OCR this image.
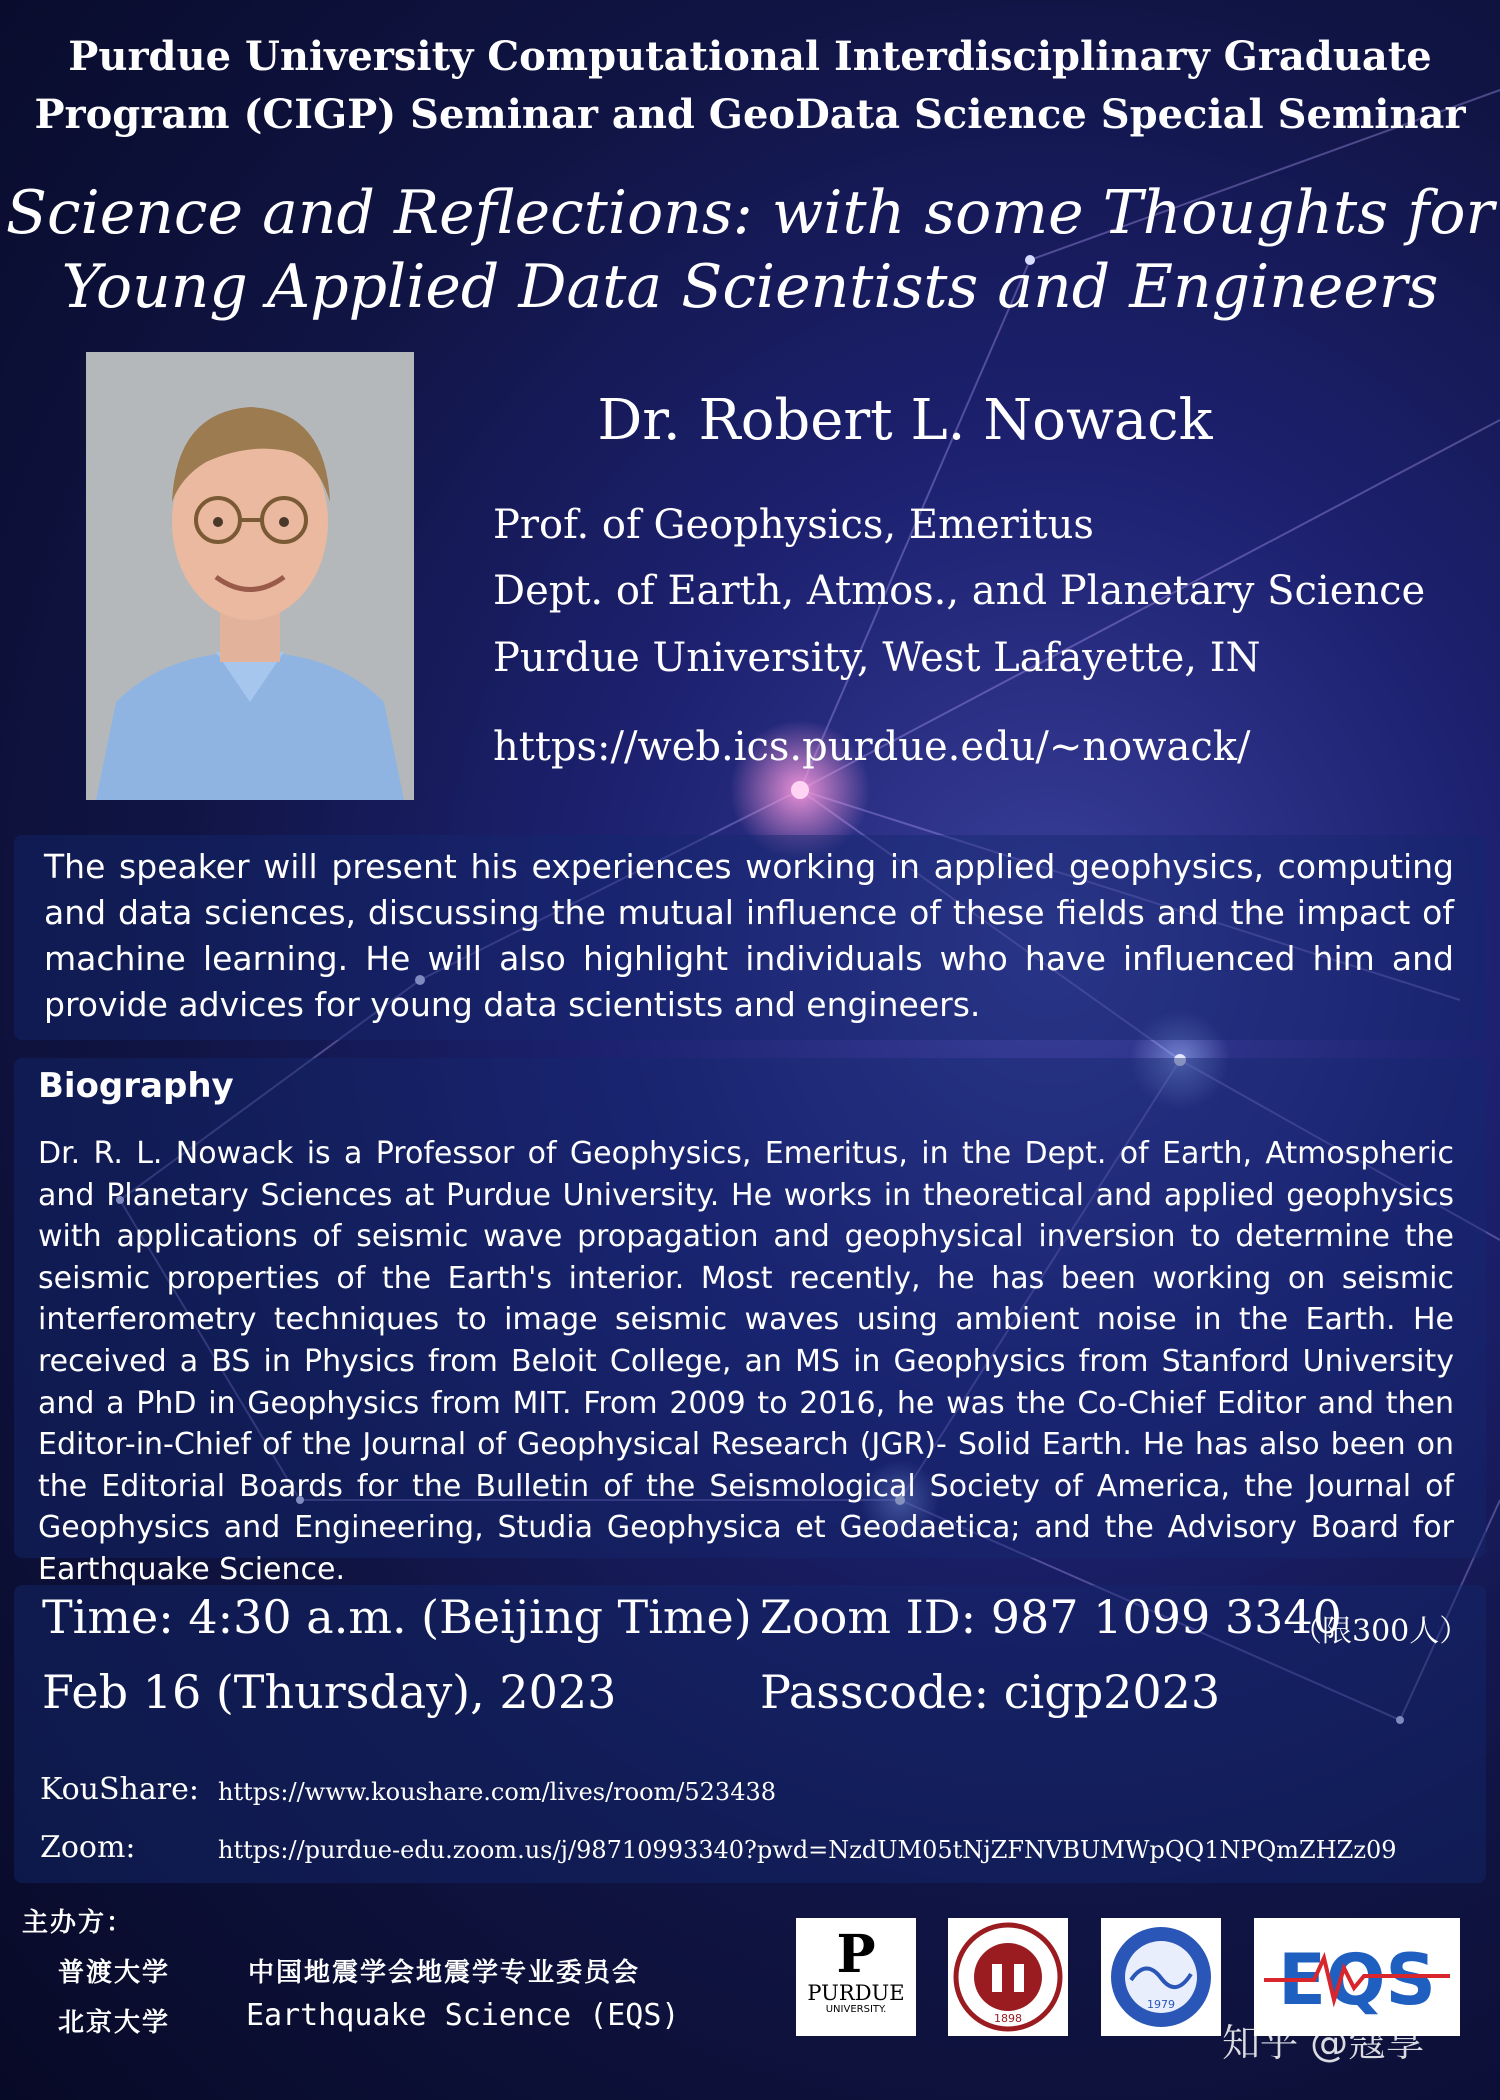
Purdue University Computational Interdisciplinary Graduate
Program (CIGP) Seminar and GeoData Science Special Seminar
Science and Reflections: with some Thoughts for
Young Applied Data Scientists and Engineers
Dr. Robert L. Nowack
Prof. of Geophysics, Emeritus
Dept. of Earth, Atmos., and Planetary Science
Purdue University, West Lafayette, IN
https://web.ics.purdue.edu/~nowack/
The speaker will present his experiences working in applied geophysics, computing and data sciences, discussing the mutual influence of these fields and the impact of machine learning. He will also highlight individuals who have influenced him and provide advices for young data scientists and engineers.
Biography
Dr. R. L. Nowack is a Professor of Geophysics, Emeritus, in the Dept. of Earth, Atmospheric and Planetary Sciences at Purdue University. He works in theoretical and applied geophysics with applications of seismic wave propagation and geophysical inversion to determine the seismic properties of the Earth's interior. Most recently, he has been working on seismic interferometry techniques to image seismic waves using ambient noise in the Earth. He received a BS in Physics from Beloit College, an MS in Geophysics from Stanford University and a PhD in Geophysics from MIT. From 2009 to 2016, he was the Co-Chief Editor and then Editor-in-Chief of the Journal of Geophysical Research (JGR)- Solid Earth. He has also been on the Editorial Boards for the Bulletin of the Seismological Society of America, the Journal of Geophysics and Engineering, Studia Geophysica et Geodaetica; and the Advisory Board for Earthquake Science.
Time: 4:30 a.m. (Beijing Time)
Feb 16 (Thursday), 2023
Zoom ID: 987 1099 3340
（限300人）
Passcode: cigp2023
KouShare: https://www.koushare.com/lives/room/523438
Zoom:	https://purdue-edu.zoom.us/j/98710993340?pwd=NzdUM05tNjZFNVBUMWpQQ1NPQmZHZz09
主办方：
普渡大学	中国地震学会地震学专业委员会
北京大学	Earthquake Science (EQS)
P
PURDUE
UNIVERSITY.
1898
1979 EQS
知乎 @蔻享
